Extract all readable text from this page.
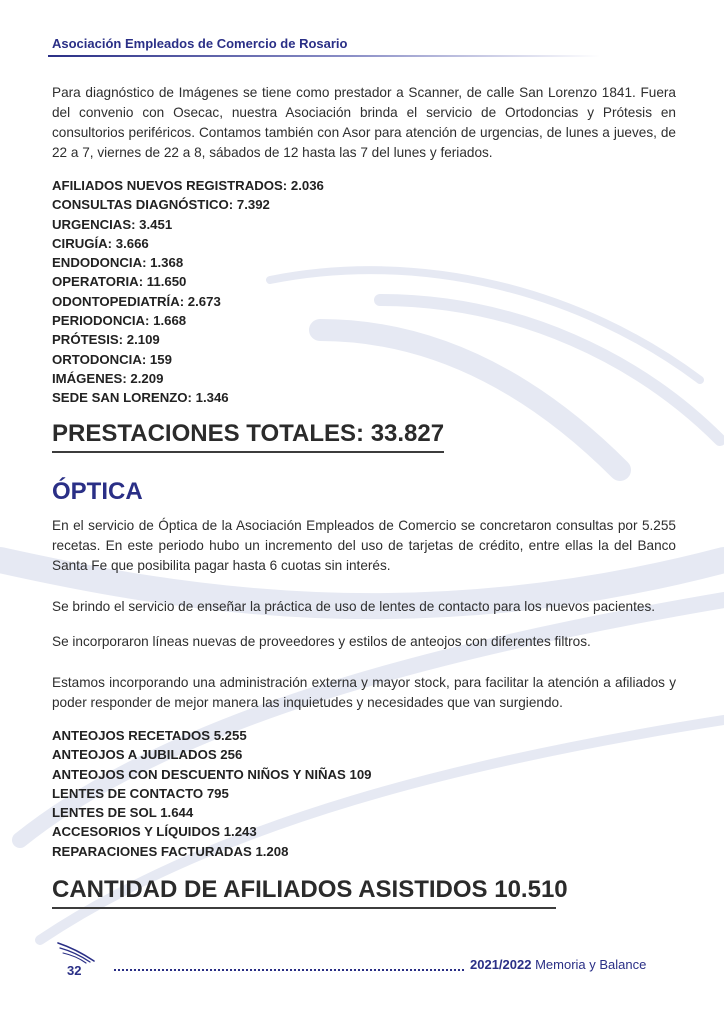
Asociación Empleados de Comercio de Rosario

Para diagnóstico de Imágenes se tiene como prestador a Scanner, de calle San Lorenzo 1841. Fuera del convenio con Osecac, nuestra Asociación brinda el servicio de Ortodoncias y Prótesis en consultorios periféricos. Contamos también con Asor para atención de urgencias, de lunes a jueves, de 22 a 7, viernes de 22 a 8, sábados de 12 hasta las 7 del lunes y feriados.

AFILIADOS NUEVOS REGISTRADOS: 2.036
CONSULTAS DIAGNÓSTICO: 7.392
URGENCIAS: 3.451
CIRUGÍA: 3.666
ENDODONCIA: 1.368
OPERATORIA: 11.650
ODONTOPEDIATRÍA: 2.673
PERIODONCIA: 1.668
PRÓTESIS: 2.109
ORTODONCIA: 159
IMÁGENES: 2.209
SEDE SAN LORENZO: 1.346
PRESTACIONES TOTALES: 33.827
ÓPTICA

En el servicio de Óptica de la Asociación Empleados de Comercio se concretaron consultas por 5.255 recetas. En este periodo hubo un incremento del uso de tarjetas de crédito, entre ellas la del Banco Santa Fe que posibilita pagar hasta 6 cuotas sin interés.

Se brindo el servicio de enseñar la práctica de uso de lentes de contacto para los nuevos pacientes.

Se incorporaron líneas nuevas de proveedores y estilos de anteojos con diferentes filtros.

Estamos incorporando una administración externa y mayor stock, para facilitar la atención a afiliados y poder responder de mejor manera las inquietudes y necesidades que van surgiendo.

ANTEOJOS RECETADOS 5.255
ANTEOJOS A JUBILADOS 256
ANTEOJOS CON DESCUENTO NIÑOS Y NIÑAS 109
LENTES DE CONTACTO 795
LENTES DE SOL 1.644
ACCESORIOS Y LÍQUIDOS 1.243
REPARACIONES FACTURADAS 1.208
CANTIDAD DE AFILIADOS ASISTIDOS 10.510
32	2021/2022 Memoria y Balance
